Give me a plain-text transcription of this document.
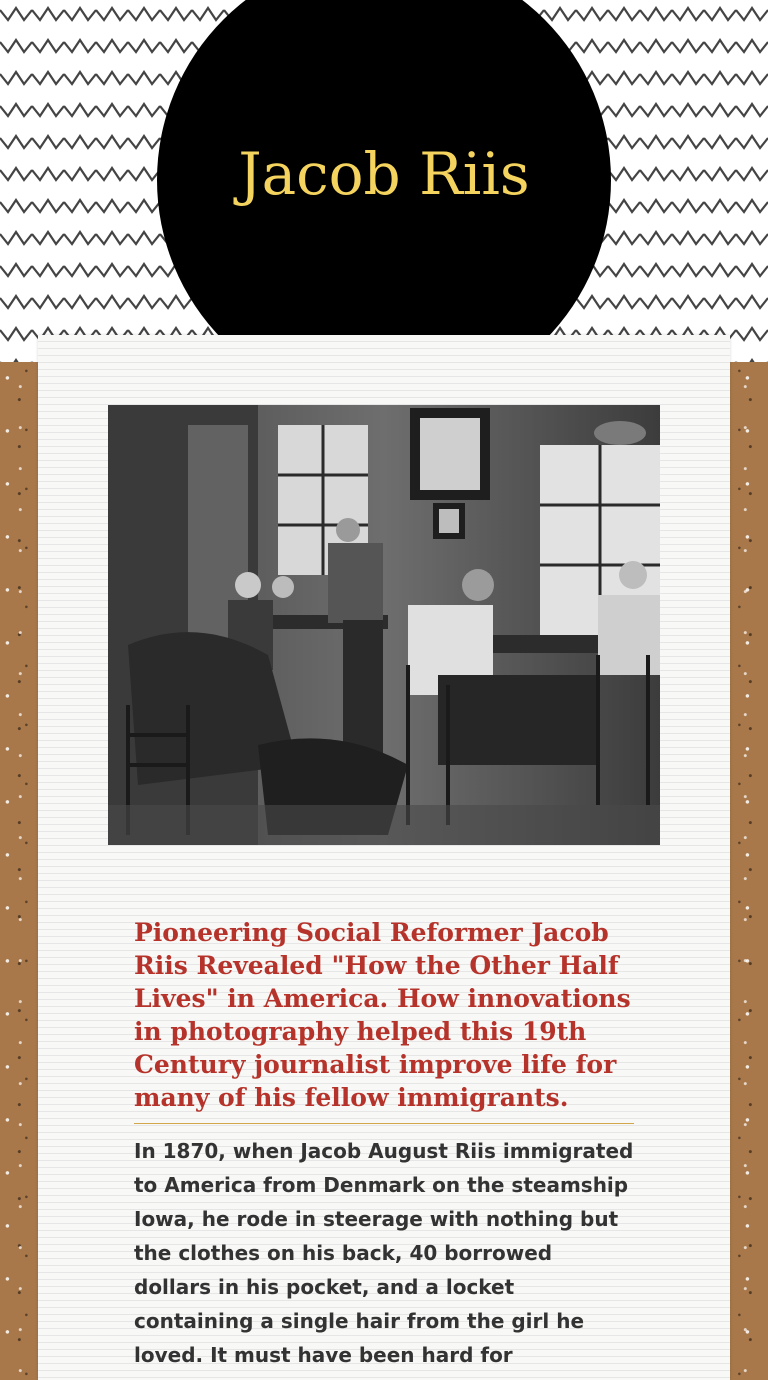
Jacob Riis
Pioneering Social Reformer Jacob Riis Revealed "How the Other Half Lives" in America. How innovations in photography helped this 19th Century journalist improve life for many of his fellow immigrants.

In 1870, when Jacob August Riis immigrated to America from Denmark on the steamship Iowa, he rode in steerage with nothing but the clothes on his back, 40 borrowed dollars in his pocket, and a locket containing a single hair from the girl he loved. It must have been hard for
